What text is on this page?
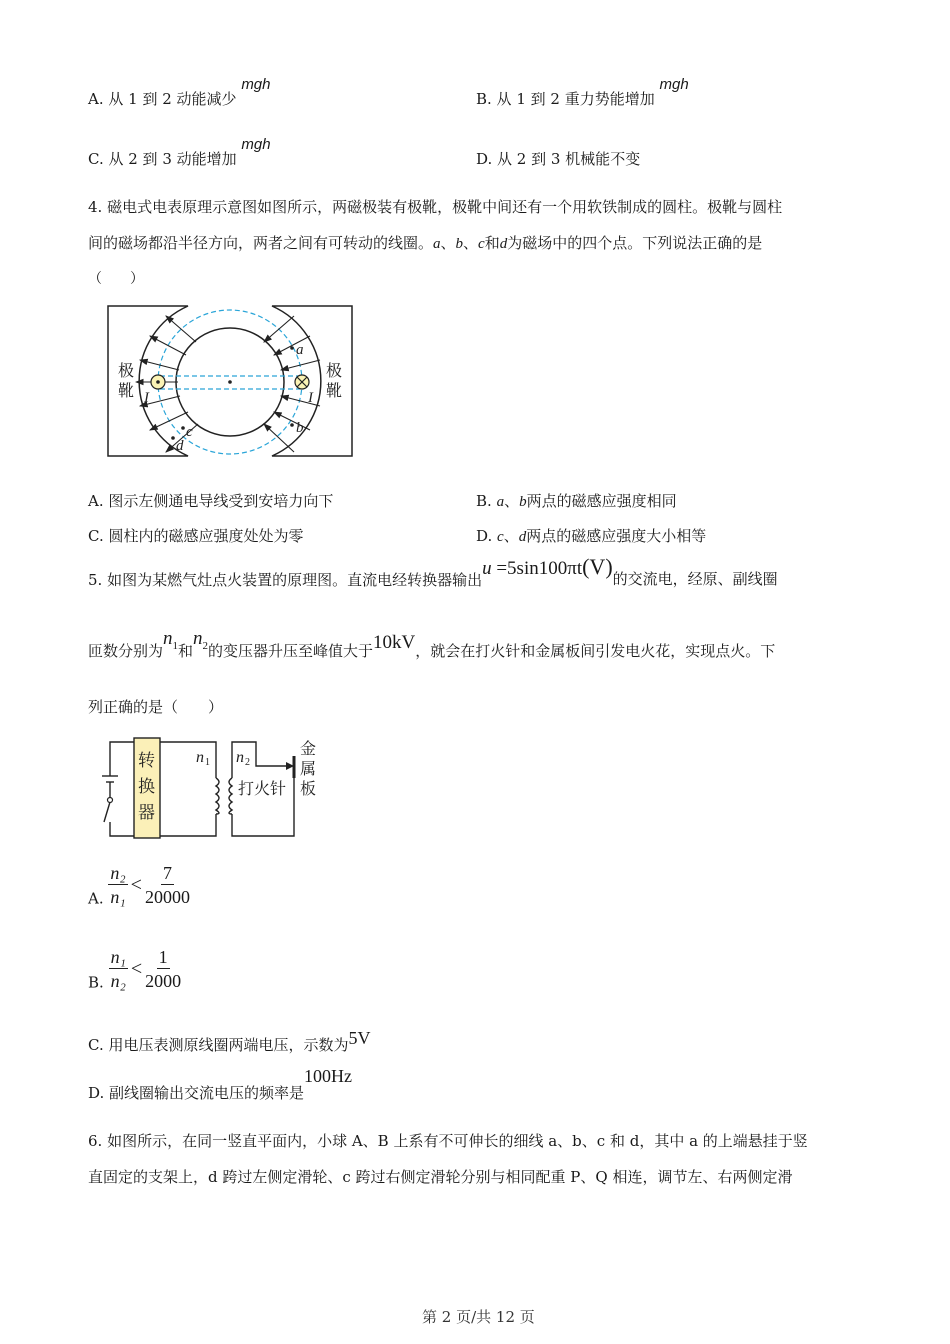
A. 从 1 到 2 动能减少 mgh
B. 从 1 到 2 重力势能增加 mgh
C. 从 2 到 3 动能增加 mgh
D. 从 2 到 3 机械能不变
4. 磁电式电表原理示意图如图所示，两磁极装有极靴，极靴中间还有一个用软铁制成的圆柱。极靴与圆柱
间的磁场都沿半径方向，两者之间有可转动的线圈。a、b、c和d为磁场中的四个点。下列说法正确的是
（　　）
a
b
c
d
I	I
极
靴
极
靴
A. 图示左侧通电导线受到安培力向下	B. a、b两点的磁感应强度相同
C. 圆柱内的磁感应强度处处为零	D. c、d两点的磁感应强度大小相等
5. 如图为某燃气灶点火装置的原理图。直流电经转换器输出u =5sin100πt(V)的交流电，经原、副线圈
匝数分别为$n_1$和$n_2$的变压器升压至峰值大于10kV，就会在打火针和金属板间引发电火花，实现点火。下
列正确的是（　　）
转
换
器
n 1 n 2
打火针
金
属
板
A. $\frac{\text{n₂}}{\text{n₁}} < \frac{7}{20000}$
B. $\frac{\text{n₁}}{\text{n₂}} < \frac{1}{2000}$
C. 用电压表测原线圈两端电压，示数为5V
D. 副线圈输出交流电压的频率是100Hz
6. 如图所示，在同一竖直平面内，小球 A、B 上系有不可伸长的细线 a、b、c 和 d，其中 a 的上端悬挂于竖
直固定的支架上，d 跨过左侧定滑轮、c 跨过右侧定滑轮分别与相同配重 P、Q 相连，调节左、右两侧定滑
第 2 页/共 12 页
